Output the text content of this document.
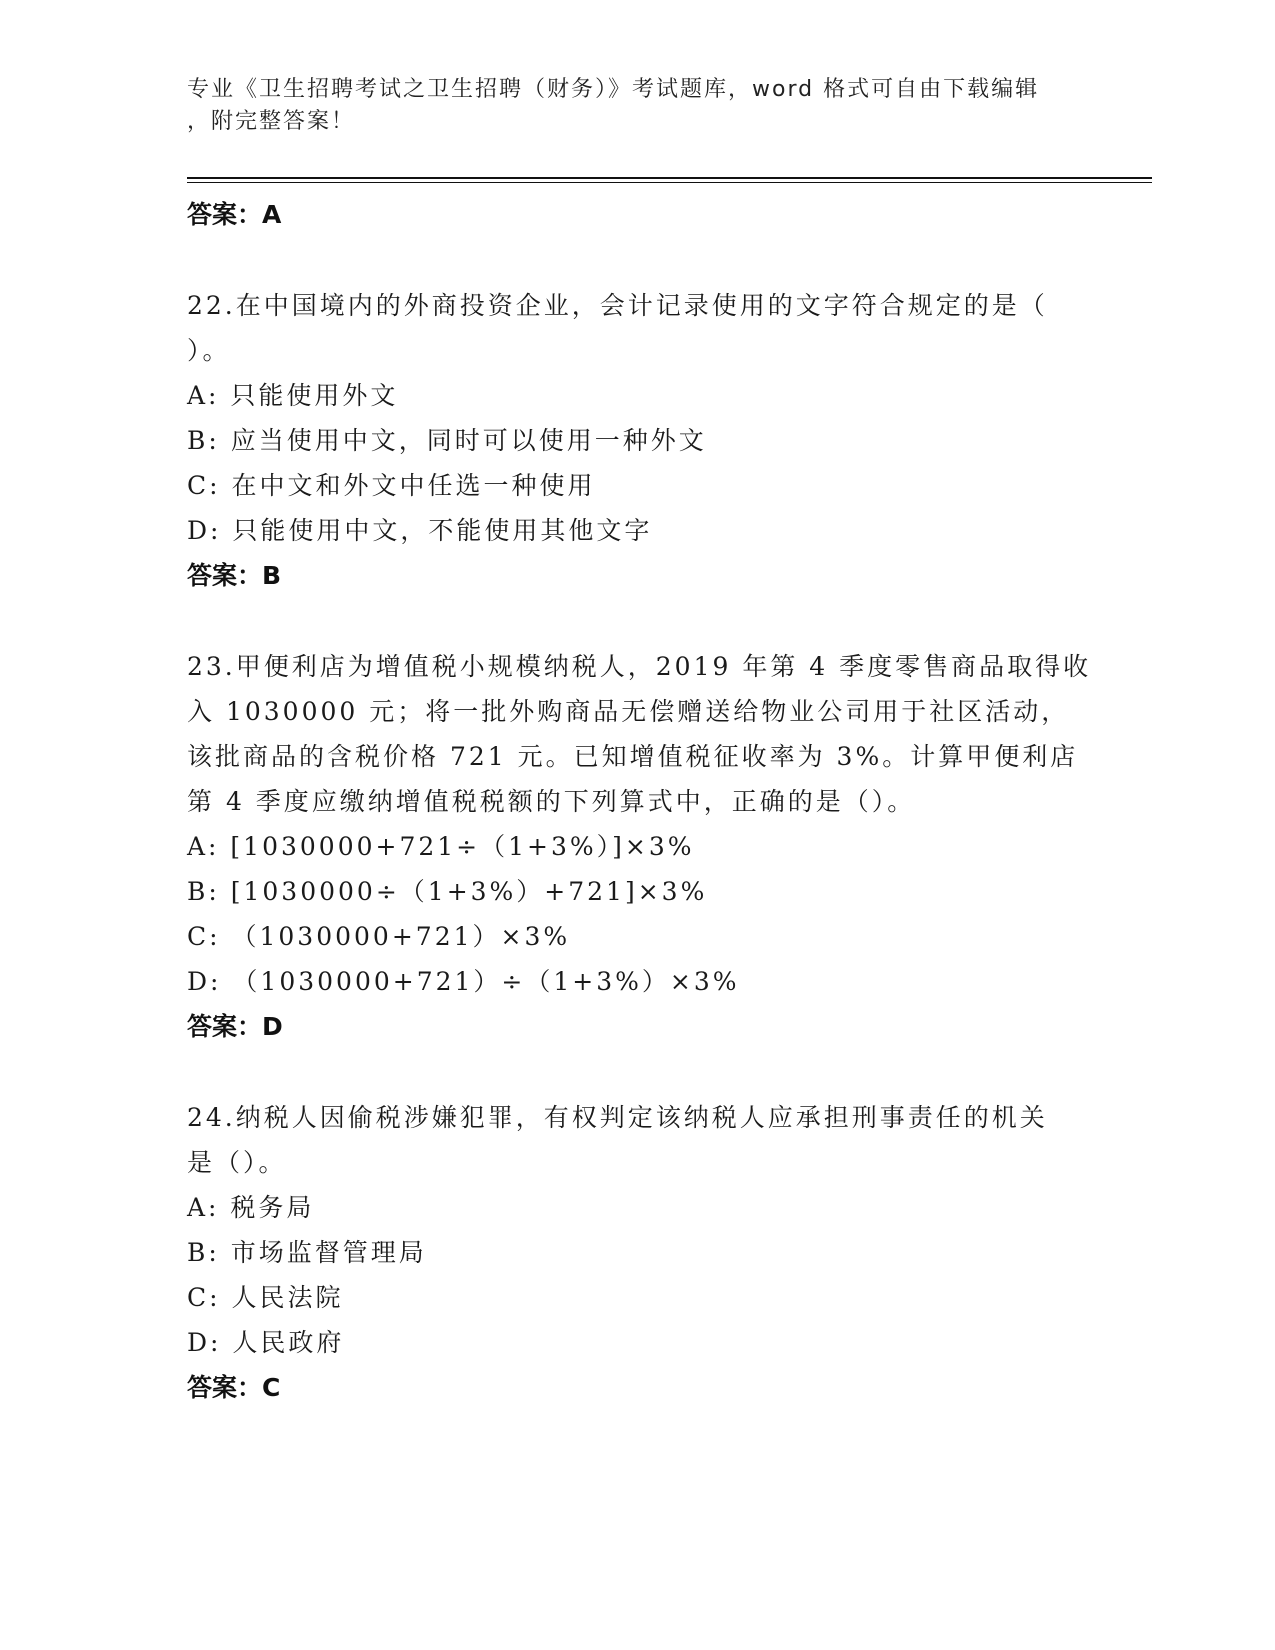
专业《卫生招聘考试之卫生招聘（财务）》考试题库，word 格式可自由下载编辑
，附完整答案！
答案：A
22.在中国境内的外商投资企业，会计记录使用的文字符合规定的是（
）。
A: 只能使用外文
B: 应当使用中文，同时可以使用一种外文
C: 在中文和外文中任选一种使用
D: 只能使用中文，不能使用其他文字
答案：B
23.甲便利店为增值税小规模纳税人，2019 年第 4 季度零售商品取得收
入 1030000 元；将一批外购商品无偿赠送给物业公司用于社区活动，
该批商品的含税价格 721 元。已知增值税征收率为 3%。计算甲便利店
第 4 季度应缴纳增值税税额的下列算式中，正确的是（）。
A: [1030000+721÷（1+3%）]×3%
B: [1030000÷（1+3%）+721]×3%
C: （1030000+721）×3%
D: （1030000+721）÷（1+3%）×3%
答案：D
24.纳税人因偷税涉嫌犯罪，有权判定该纳税人应承担刑事责任的机关
是（）。
A: 税务局
B: 市场监督管理局
C: 人民法院
D: 人民政府
答案：C
